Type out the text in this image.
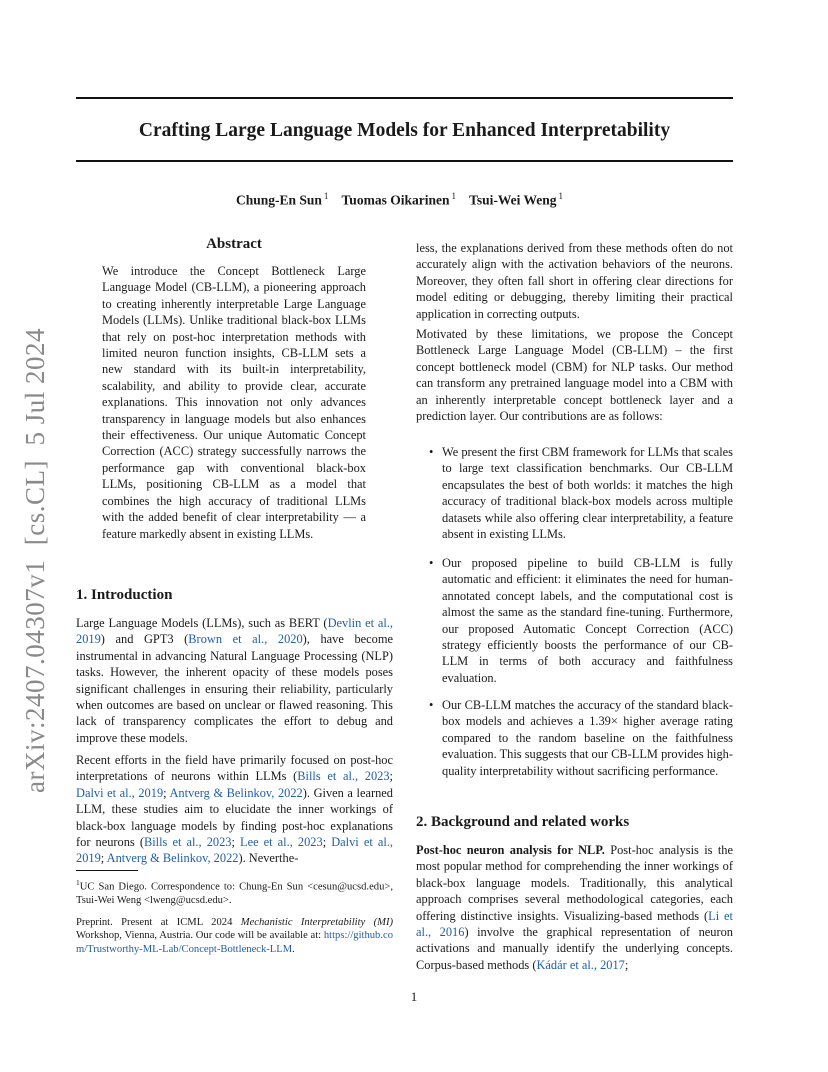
Crafting Large Language Models for Enhanced Interpretability
Chung-En Sun $^1$ Tuomas Oikarinen $^1$ Tsui-Wei Weng $^1$
arXiv:2407.04307v1  [cs.CL]  5 Jul 2024
Abstract
We introduce the Concept Bottleneck Large Language Model (CB-LLM), a pioneering approach to creating inherently interpretable Large Language Models (LLMs). Unlike traditional black-box LLMs that rely on post-hoc interpretation methods with limited neuron function insights, CB-LLM sets a new standard with its built-in interpretability, scalability, and ability to provide clear, accurate explanations. This innovation not only advances transparency in language models but also enhances their effectiveness. Our unique Automatic Concept Correction (ACC) strategy successfully narrows the performance gap with conventional black-box LLMs, positioning CB-LLM as a model that combines the high accuracy of traditional LLMs with the added benefit of clear interpretability — a feature markedly absent in existing LLMs.
1. Introduction
Large Language Models (LLMs), such as BERT (Devlin et al., 2019) and GPT3 (Brown et al., 2020), have become instrumental in advancing Natural Language Processing (NLP) tasks. However, the inherent opacity of these models poses significant challenges in ensuring their reliability, particularly when outcomes are based on unclear or flawed reasoning. This lack of transparency complicates the effort to debug and improve these models.
Recent efforts in the field have primarily focused on post-hoc interpretations of neurons within LLMs (Bills et al., 2023; Dalvi et al., 2019; Antverg & Belinkov, 2022). Given a learned LLM, these studies aim to elucidate the inner workings of black-box language models by finding post-hoc explanations for neurons (Bills et al., 2023; Lee et al., 2023; Dalvi et al., 2019; Antverg & Belinkov, 2022). Neverthe-
$^1$UC San Diego. Correspondence to: Chung-En Sun <cesun@ucsd.edu>, Tsui-Wei Weng <lweng@ucsd.edu>.
Preprint. Present at ICML 2024 Mechanistic Interpretability (MI) Workshop, Vienna, Austria. Our code will be available at: https://github.com/Trustworthy-ML-Lab/Concept-Bottleneck-LLM.
less, the explanations derived from these methods often do not accurately align with the activation behaviors of the neurons. Moreover, they often fall short in offering clear directions for model editing or debugging, thereby limiting their practical application in correcting outputs.
Motivated by these limitations, we propose the Concept Bottleneck Large Language Model (CB-LLM) – the first concept bottleneck model (CBM) for NLP tasks. Our method can transform any pretrained language model into a CBM with an inherently interpretable concept bottleneck layer and a prediction layer. Our contributions are as follows:
• We present the first CBM framework for LLMs that scales to large text classification benchmarks. Our CB-LLM encapsulates the best of both worlds: it matches the high accuracy of traditional black-box models across multiple datasets while also offering clear interpretability, a feature absent in existing LLMs.
• Our proposed pipeline to build CB-LLM is fully automatic and efficient: it eliminates the need for human-annotated concept labels, and the computational cost is almost the same as the standard fine-tuning. Furthermore, our proposed Automatic Concept Correction (ACC) strategy efficiently boosts the performance of our CB-LLM in terms of both accuracy and faithfulness evaluation.
• Our CB-LLM matches the accuracy of the standard black-box models and achieves a 1.39× higher average rating compared to the random baseline on the faithfulness evaluation. This suggests that our CB-LLM provides high-quality interpretability without sacrificing performance.
2. Background and related works
Post-hoc neuron analysis for NLP. Post-hoc analysis is the most popular method for comprehending the inner workings of black-box language models. Traditionally, this analytical approach comprises several methodological categories, each offering distinctive insights. Visualizing-based methods (Li et al., 2016) involve the graphical representation of neuron activations and manually identify the underlying concepts. Corpus-based methods (Kádár et al., 2017;
1
